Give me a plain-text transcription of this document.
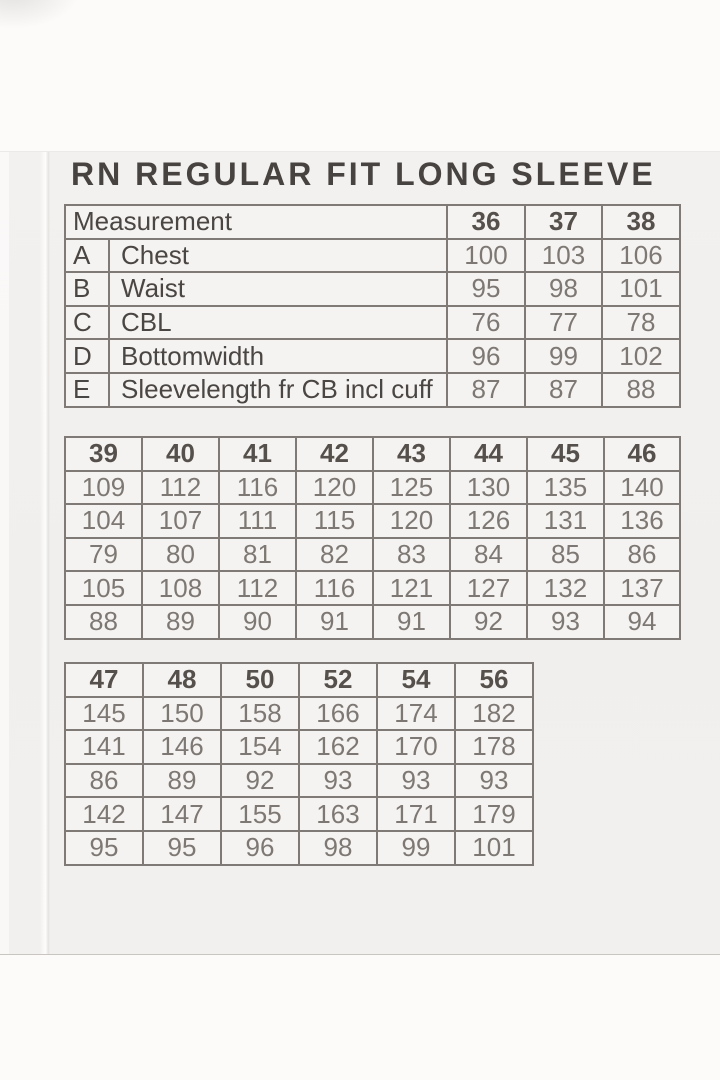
RN REGULAR FIT LONG SLEEVE
Measurement		36	37	38
A	Chest	100	103	106
B	Waist	95	98	101
C	CBL	76	77	78
D	Bottomwidth	96	99	102
E	Sleevelength fr CB incl cuff	87	87	88
39	40	41	42	43	44	45	46
109	112	116	120	125	130	135	140
104	107	111	115	120	126	131	136
79	80	81	82	83	84	85	86
105	108	112	116	121	127	132	137
88	89	90	91	91	92	93	94
47	48	50	52	54	56
145	150	158	166	174	182
141	146	154	162	170	178
86	89	92	93	93	93
142	147	155	163	171	179
95	95	96	98	99	101
